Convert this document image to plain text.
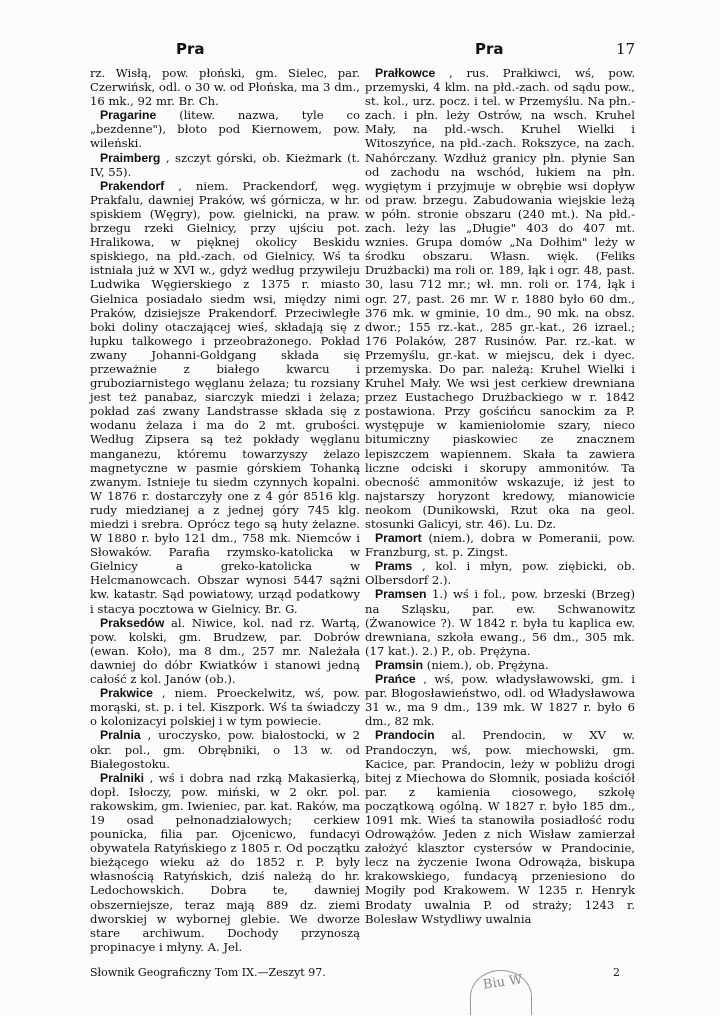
Pra	Pra	17

rz. Wisłą, pow. płoński, gm. Sielec, par. Czerwińsk, odl. o 30 w. od Płońska, ma 3 dm., 16 mk., 92 mr. Br. Ch.

Pragarine (litew. nazwa, tyle co „bezdenne"), błoto pod Kiernowem, pow. wileński.

Praimberg , szczyt górski, ob. Kieżmark (t. IV, 55).

Prakendorf , niem. Prackendorf, węg. Prakfalu, dawniej Praków, wś górnicza, w hr. spiskiem (Węgry), pow. gielnicki, na praw. brzegu rzeki Gielnicy, przy ujściu pot. Hralikowa, w pięknej okolicy Beskidu spiskiego, na płd.-zach. od Gielnicy. Wś ta istniała już w XVI w., gdyż według przywileju Ludwika Węgierskiego z 1375 r. miasto Gielnica posiadało siedm wsi, między nimi Praków, dzisiejsze Prakendorf. Przeciwległe boki doliny otaczającej wieś, składają się z łupku talkowego i przeobrażonego. Pokład zwany Johanni-Goldgang składa się przeważnie z białego kwarcu i gruboziarnistego węglanu żelaza; tu rozsiany jest też panabaz, siarczyk miedzi i żelaza; pokład zaś zwany Landstrasse składa się z wodanu żelaza i ma do 2 mt. grubości. Według Zipsera są też pokłady węglanu manganezu, któremu towarzyszy żelazo magnetyczne w pasmie górskiem Tohanką zwanym. Istnieje tu siedm czynnych kopalni. W 1876 r. dostarczyły one z 4 gór 8516 klg. rudy miedzianej a z jednej góry 745 klg. miedzi i srebra. Oprócz tego są huty żelazne. W 1880 r. było 121 dm., 758 mk. Niemców i Słowaków. Parafia rzymsko-katolicka w Gielnicy a greko-katolicka w Helcmanowcach. Obszar wynosi 5447 sążni kw. katastr. Sąd powiatowy, urząd podatkowy i stacya pocztowa w Gielnicy. Br. G.

Praksedów al. Niwice, kol. nad rz. Wartą, pow. kolski, gm. Brudzew, par. Dobrów (ewan. Koło), ma 8 dm., 257 mr. Należała dawniej do dóbr Kwiatków i stanowi jedną całość z kol. Janów (ob.).

Prakwice , niem. Proeckelwitz, wś, pow. morąski, st. p. i tel. Kiszpork. Wś ta świadczy o kolonizacyi polskiej i w tym powiecie.

Pralnia , uroczysko, pow. białostocki, w 2 okr. pol., gm. Obrębniki, o 13 w. od Białegostoku.

Pralniki , wś i dobra nad rzką Makasierką, dopł. Isłoczy, pow. miński, w 2 okr. pol. rakowskim, gm. Iwieniec, par. kat. Raków, ma 19 osad pełnonadziałowych; cerkiew pounicka, filia par. Ojcenicwo, fundacyi obywatela Ratyńskiego z 1805 r. Od początku bieżącego wieku aż do 1852 r. P. były własnością Ratyńskich, dziś należą do hr. Ledochowskich. Dobra te, dawniej obszerniejsze, teraz mają 889 dz. ziemi dworskiej w wybornej glebie. We dworze stare archiwum. Dochody przynoszą propinacye i młyny. A. Jel.

Prałkowce , rus. Prałkiwci, wś, pow. przemyski, 4 klm. na płd.-zach. od sądu pow., st. kol., urz. pocz. i tel. w Przemyślu. Na płn.-zach. i płn. leży Ostrów, na wsch. Kruhel Mały, na płd.-wsch. Kruhel Wielki i Witoszyńce, na płd.-zach. Rokszyce, na zach. Nahórczany. Wzdłuż granicy płn. płynie San od zachodu na wschód, łukiem na płn. wygiętym i przyjmuje w obrębie wsi dopływ od praw. brzegu. Zabudowania wiejskie leżą w półn. stronie obszaru (240 mt.). Na płd.-zach. leży las „Długie" 403 do 407 mt. wznies. Grupa domów „Na Dołhim" leży w środku obszaru. Własn. więk. (Feliks Drużbacki) ma roli or. 189, łąk i ogr. 48, past. 30, lasu 712 mr.; wł. mn. roli or. 174, łąk i ogr. 27, past. 26 mr. W r. 1880 było 60 dm., 376 mk. w gminie, 10 dm., 90 mk. na obsz. dwor.; 155 rz.-kat., 285 gr.-kat., 26 izrael.; 176 Polaków, 287 Rusinów. Par. rz.-kat. w Przemyślu, gr.-kat. w miejscu, dek i dyec. przemyska. Do par. należą: Kruhel Wielki i Kruhel Mały. We wsi jest cerkiew drewniana przez Eustachego Drużbackiego w r. 1842 postawiona. Przy gościńcu sanockim za P. występuje w kamieniołomie szary, nieco bitumiczny piaskowiec ze znacznem lepiszczem wapiennem. Skała ta zawiera liczne odciski i skorupy ammonitów. Ta obecność ammonitów wskazuje, iż jest to najstarszy horyzont kredowy, mianowicie neokom (Dunikowski, Rzut oka na geol. stosunki Galicyi, str. 46). Lu. Dz.

Pramort (niem.), dobra w Pomeranii, pow. Franzburg, st. p. Zingst.

Prams , kol. i młyn, pow. ziębicki, ob. Olbersdorf 2.).

Pramsen 1.) wś i fol., pow. brzeski (Brzeg) na Szląsku, par. ew. Schwanowitz (Żwanowice ?). W 1842 r. była tu kaplica ew. drewniana, szkoła ewang., 56 dm., 305 mk. (17 kat.). 2.) P., ob. Prężyna.

Pramsin (niem.), ob. Prężyna.

Prańce , wś, pow. władysławowski, gm. i par. Błogosławieństwo, odl. od Władysławowa 31 w., ma 9 dm., 139 mk. W 1827 r. było 6 dm., 82 mk.

Prandocin al. Prendocin, w XV w. Prandoczyn, wś, pow. miechowski, gm. Kacice, par. Prandocin, leży w pobliżu drogi bitej z Miechowa do Słomnik, posiada kościół par. z kamienia ciosowego, szkołę początkową ogólną. W 1827 r. było 185 dm., 1091 mk. Wieś ta stanowiła posiadłość rodu Odrowążów. Jeden z nich Wisław zamierzał założyć klasztor cystersów w Prandocinie, lecz na życzenie Iwona Odrowąża, biskupa krakowskiego, fundacyą przeniesiono do Mogiły pod Krakowem. W 1235 r. Henryk Brodaty uwalnia P. od straży; 1243 r. Bolesław Wstydliwy uwalnia

Słownik Geograficzny Tom IX.—Zeszyt 97.	2
Biu W
